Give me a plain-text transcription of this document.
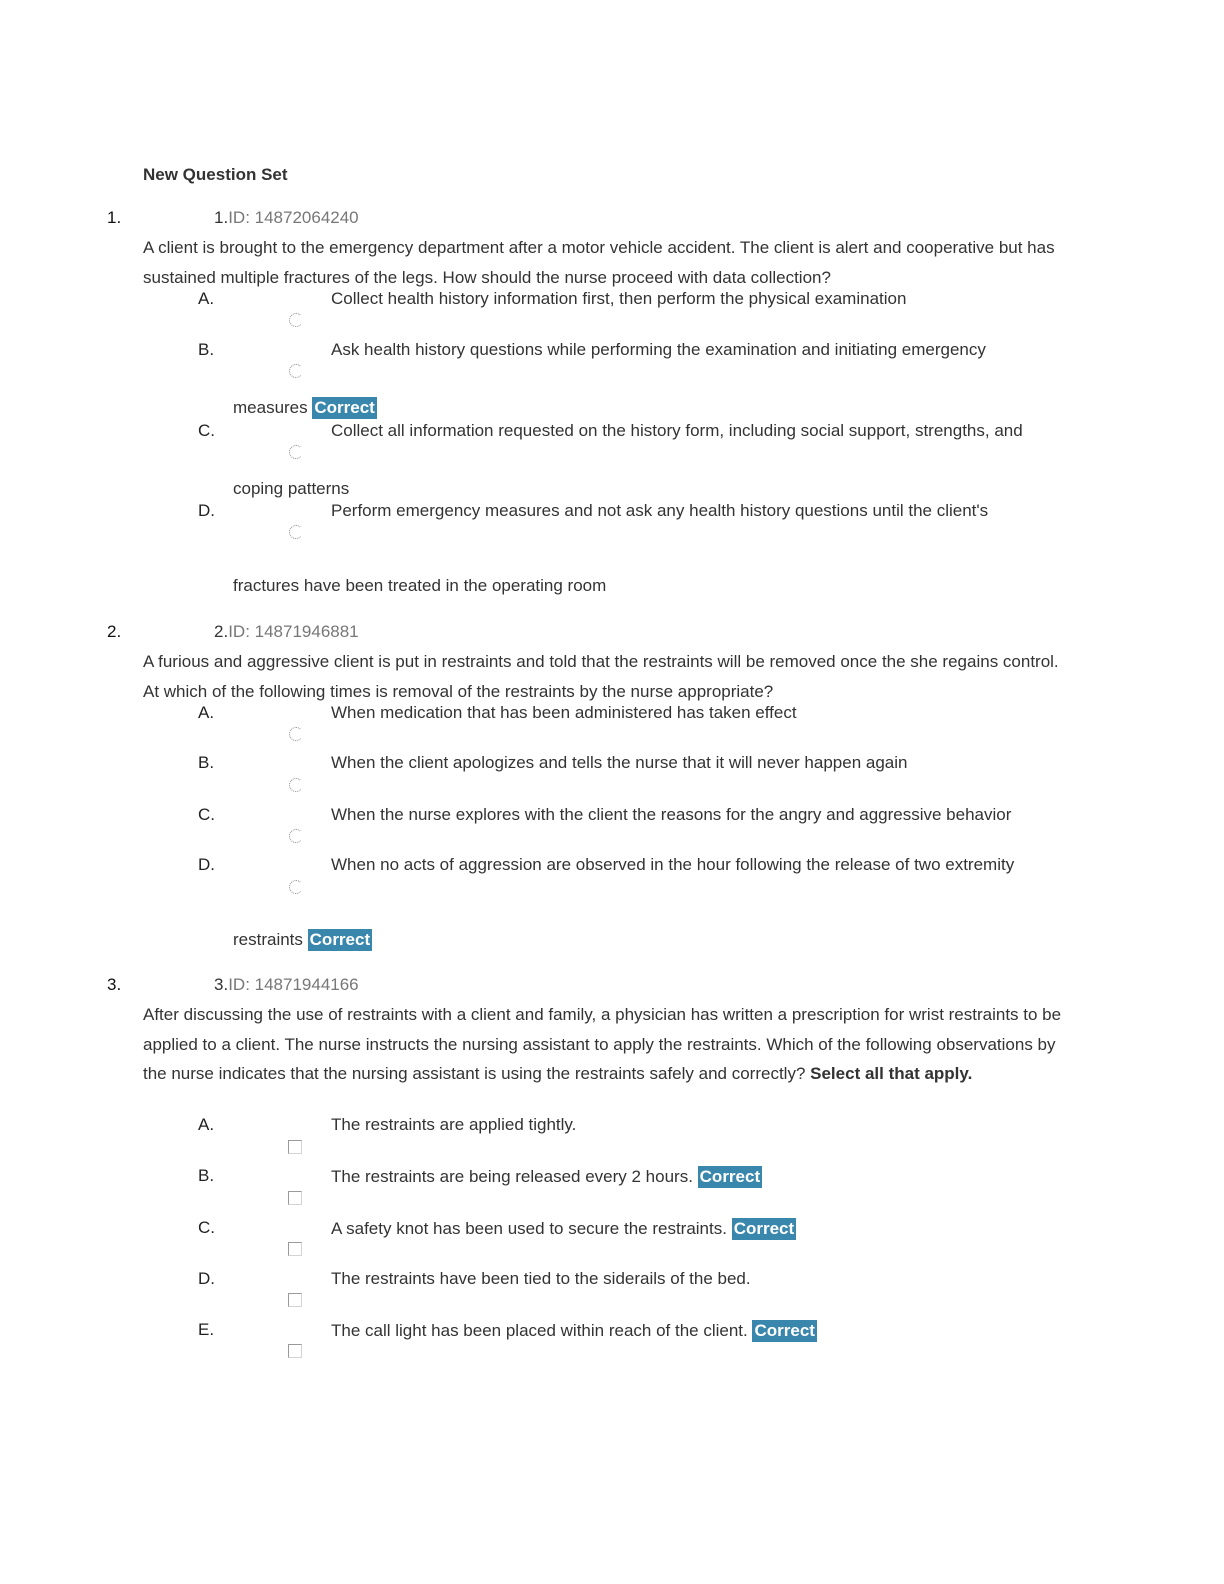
New Question Set
1.	1.ID: 14872064240
A client is brought to the emergency department after a motor vehicle accident. The client is alert and cooperative but has sustained multiple fractures of the legs. How should the nurse proceed with data collection?
A.	Collect health history information first, then perform the physical examination
B.	Ask health history questions while performing the examination and initiating emergency
measures Correct
C.	Collect all information requested on the history form, including social support, strengths, and
coping patterns
D.	Perform emergency measures and not ask any health history questions until the client's
fractures have been treated in the operating room
2.	2.ID: 14871946881
A furious and aggressive client is put in restraints and told that the restraints will be removed once the she regains control. At which of the following times is removal of the restraints by the nurse appropriate?
A.	When medication that has been administered has taken effect
B.	When the client apologizes and tells the nurse that it will never happen again
C.	When the nurse explores with the client the reasons for the angry and aggressive behavior
D.	When no acts of aggression are observed in the hour following the release of two extremity
restraints Correct
3.	3.ID: 14871944166
After discussing the use of restraints with a client and family, a physician has written a prescription for wrist restraints to be applied to a client. The nurse instructs the nursing assistant to apply the restraints. Which of the following observations by the nurse indicates that the nursing assistant is using the restraints safely and correctly? Select all that apply.
A.	The restraints are applied tightly.
B.	The restraints are being released every 2 hours. Correct
C.	A safety knot has been used to secure the restraints. Correct
D.	The restraints have been tied to the siderails of the bed.
E.	The call light has been placed within reach of the client. Correct
